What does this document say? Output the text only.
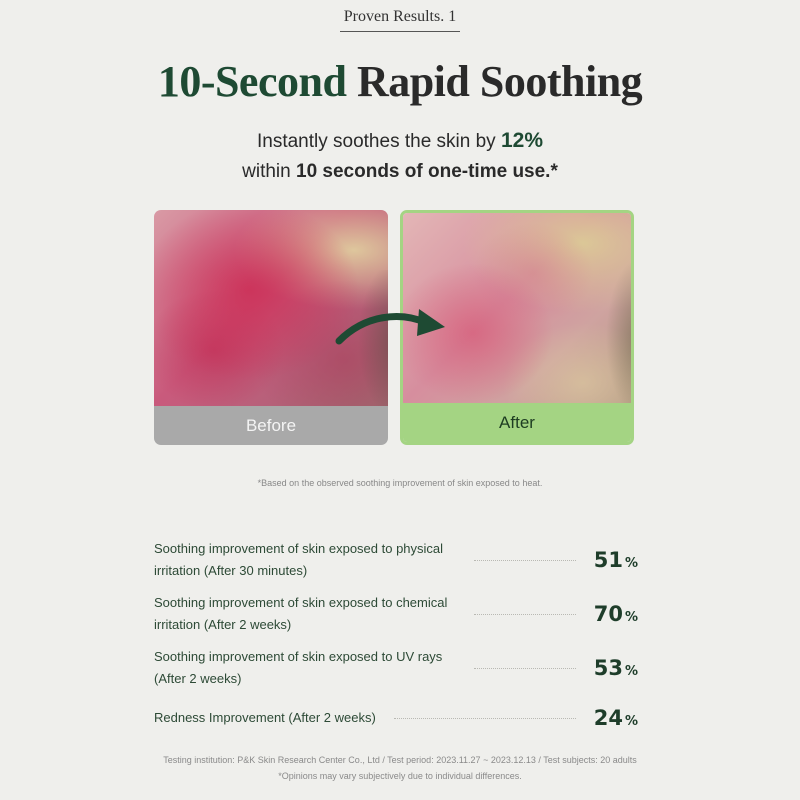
Proven Results. 1
10-Second Rapid Soothing
Instantly soothes the skin by 12%
within 10 seconds of one-time use.*
Before	After
*Based on the observed soothing improvement of skin exposed to heat.
Soothing improvement of skin exposed to physical irritation (After 30 minutes)	51 %
Soothing improvement of skin exposed to chemical irritation (After 2 weeks)	70 %
Soothing improvement of skin exposed to UV rays (After 2 weeks)	53 %
Redness Improvement (After 2 weeks)	24 %
Testing institution: P&K Skin Research Center Co., Ltd / Test period: 2023.11.27 ~ 2023.12.13 / Test subjects: 20 adults
*Opinions may vary subjectively due to individual differences.
